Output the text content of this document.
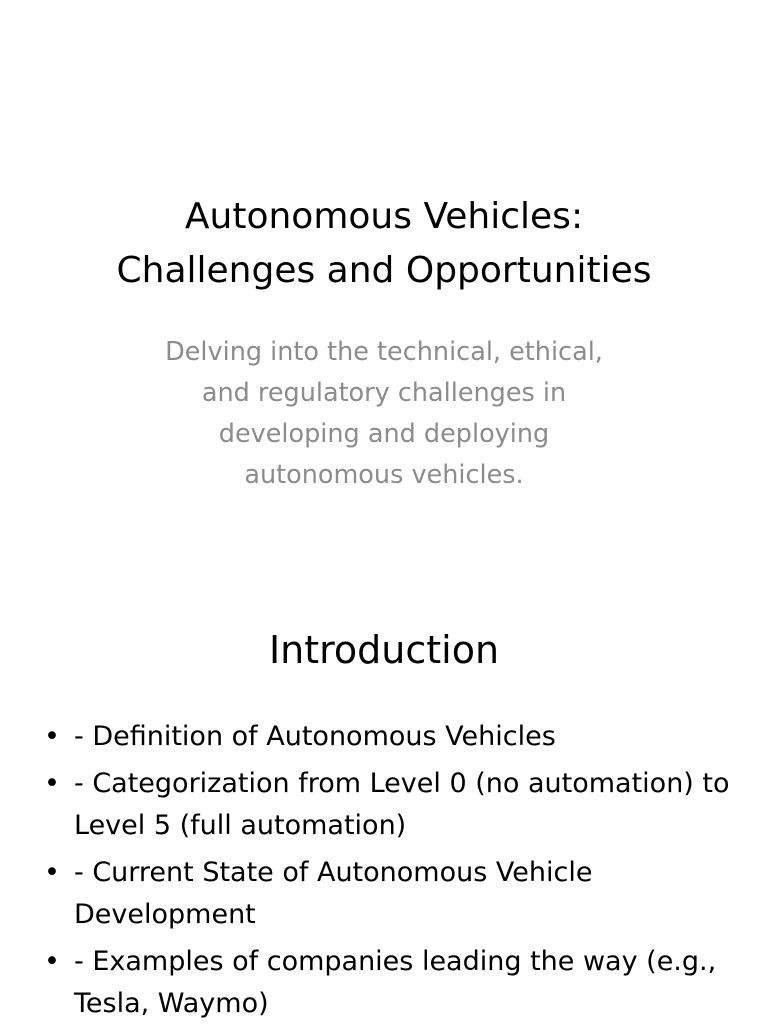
Autonomous Vehicles:
Challenges and Opportunities

Delving into the technical, ethical,
and regulatory challenges in
developing and deploying
autonomous vehicles.

Introduction
• - Definition of Autonomous Vehicles
• - Categorization from Level 0 (no automation) to Level 5 (full automation)
• - Current State of Autonomous Vehicle Development
• - Examples of companies leading the way (e.g., Tesla, Waymo)
